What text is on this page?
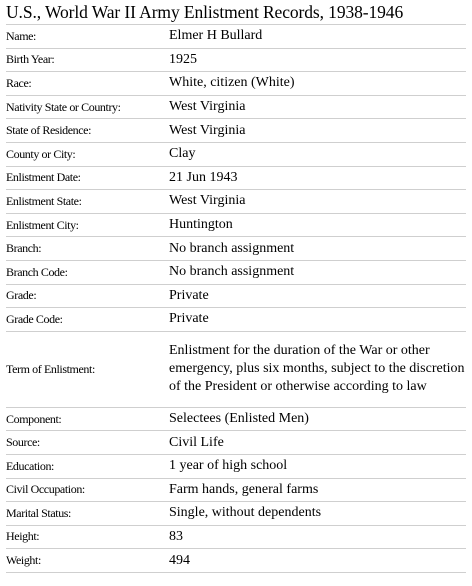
U.S., World War II Army Enlistment Records, 1938-1946
Name:	Elmer H Bullard
Birth Year:	1925
Race:	White, citizen (White)
Nativity State or Country:	West Virginia
State of Residence:	West Virginia
County or City:	Clay
Enlistment Date:	21 Jun 1943
Enlistment State:	West Virginia
Enlistment City:	Huntington
Branch:	No branch assignment
Branch Code:	No branch assignment
Grade:	Private
Grade Code:	Private
Term of Enlistment:	Enlistment for the duration of the War or other emergency, plus six months, subject to the discretion of the President or otherwise according to law
Component:	Selectees (Enlisted Men)
Source:	Civil Life
Education:	1 year of high school
Civil Occupation:	Farm hands, general farms
Marital Status:	Single, without dependents
Height:	83
Weight:	494
